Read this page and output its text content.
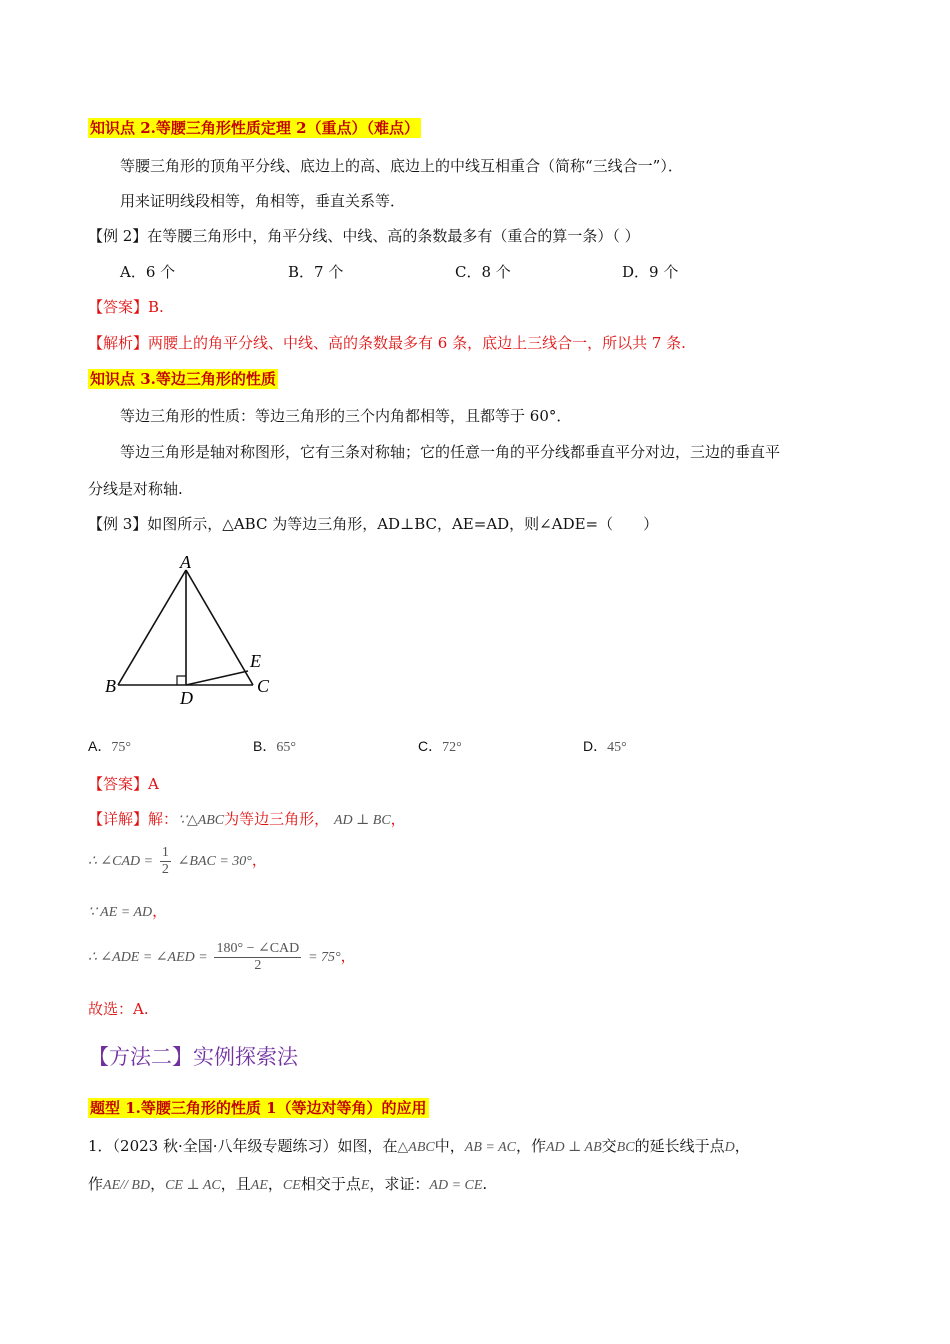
知识点 2.等腰三角形性质定理 2（重点）（难点）
等腰三角形的顶角平分线、底边上的高、底边上的中线互相重合（简称“三线合一”）．
用来证明线段相等，角相等，垂直关系等．
【例 2】在等腰三角形中，角平分线、中线、高的条数最多有（重合的算一条）（ ）
A．6 个	B．7 个	C．8 个	D．9 个
【答案】B.
【解析】两腰上的角平分线、中线、高的条数最多有 6 条，底边上三线合一，所以共 7 条.
知识点 3.等边三角形的性质
等边三角形的性质：等边三角形的三个内角都相等，且都等于 60°．
等边三角形是轴对称图形，它有三条对称轴；它的任意一角的平分线都垂直平分对边，三边的垂直平
分线是对称轴.
【例 3】如图所示，△ABC 为等边三角形，AD⊥BC，AE=AD，则∠ADE=（　　）
A
B	C
D
E
A．75°	B．65°	C．72°	D．45°
【答案】A
【详解】解：∵△ABC为等边三角形， AD ⊥ BC，
∴ ∠CAD = $\frac{1}{2}$ ∠BAC = 30°，
∵ AE = AD，
∴ ∠ADE = ∠AED = $\frac{\text{180° − ∠CAD}}{2} = 75^\circ$，
故选：A.
【方法二】实例探索法
题型 1.等腰三角形的性质 1（等边对等角）的应用
1．（2023 秋·全国·八年级专题练习）如图，在△ABC中，AB = AC，作AD ⊥ AB交BC的延长线于点D，
作AE// BD，CE ⊥ AC，且AE，CE相交于点E，求证：AD = CE.
